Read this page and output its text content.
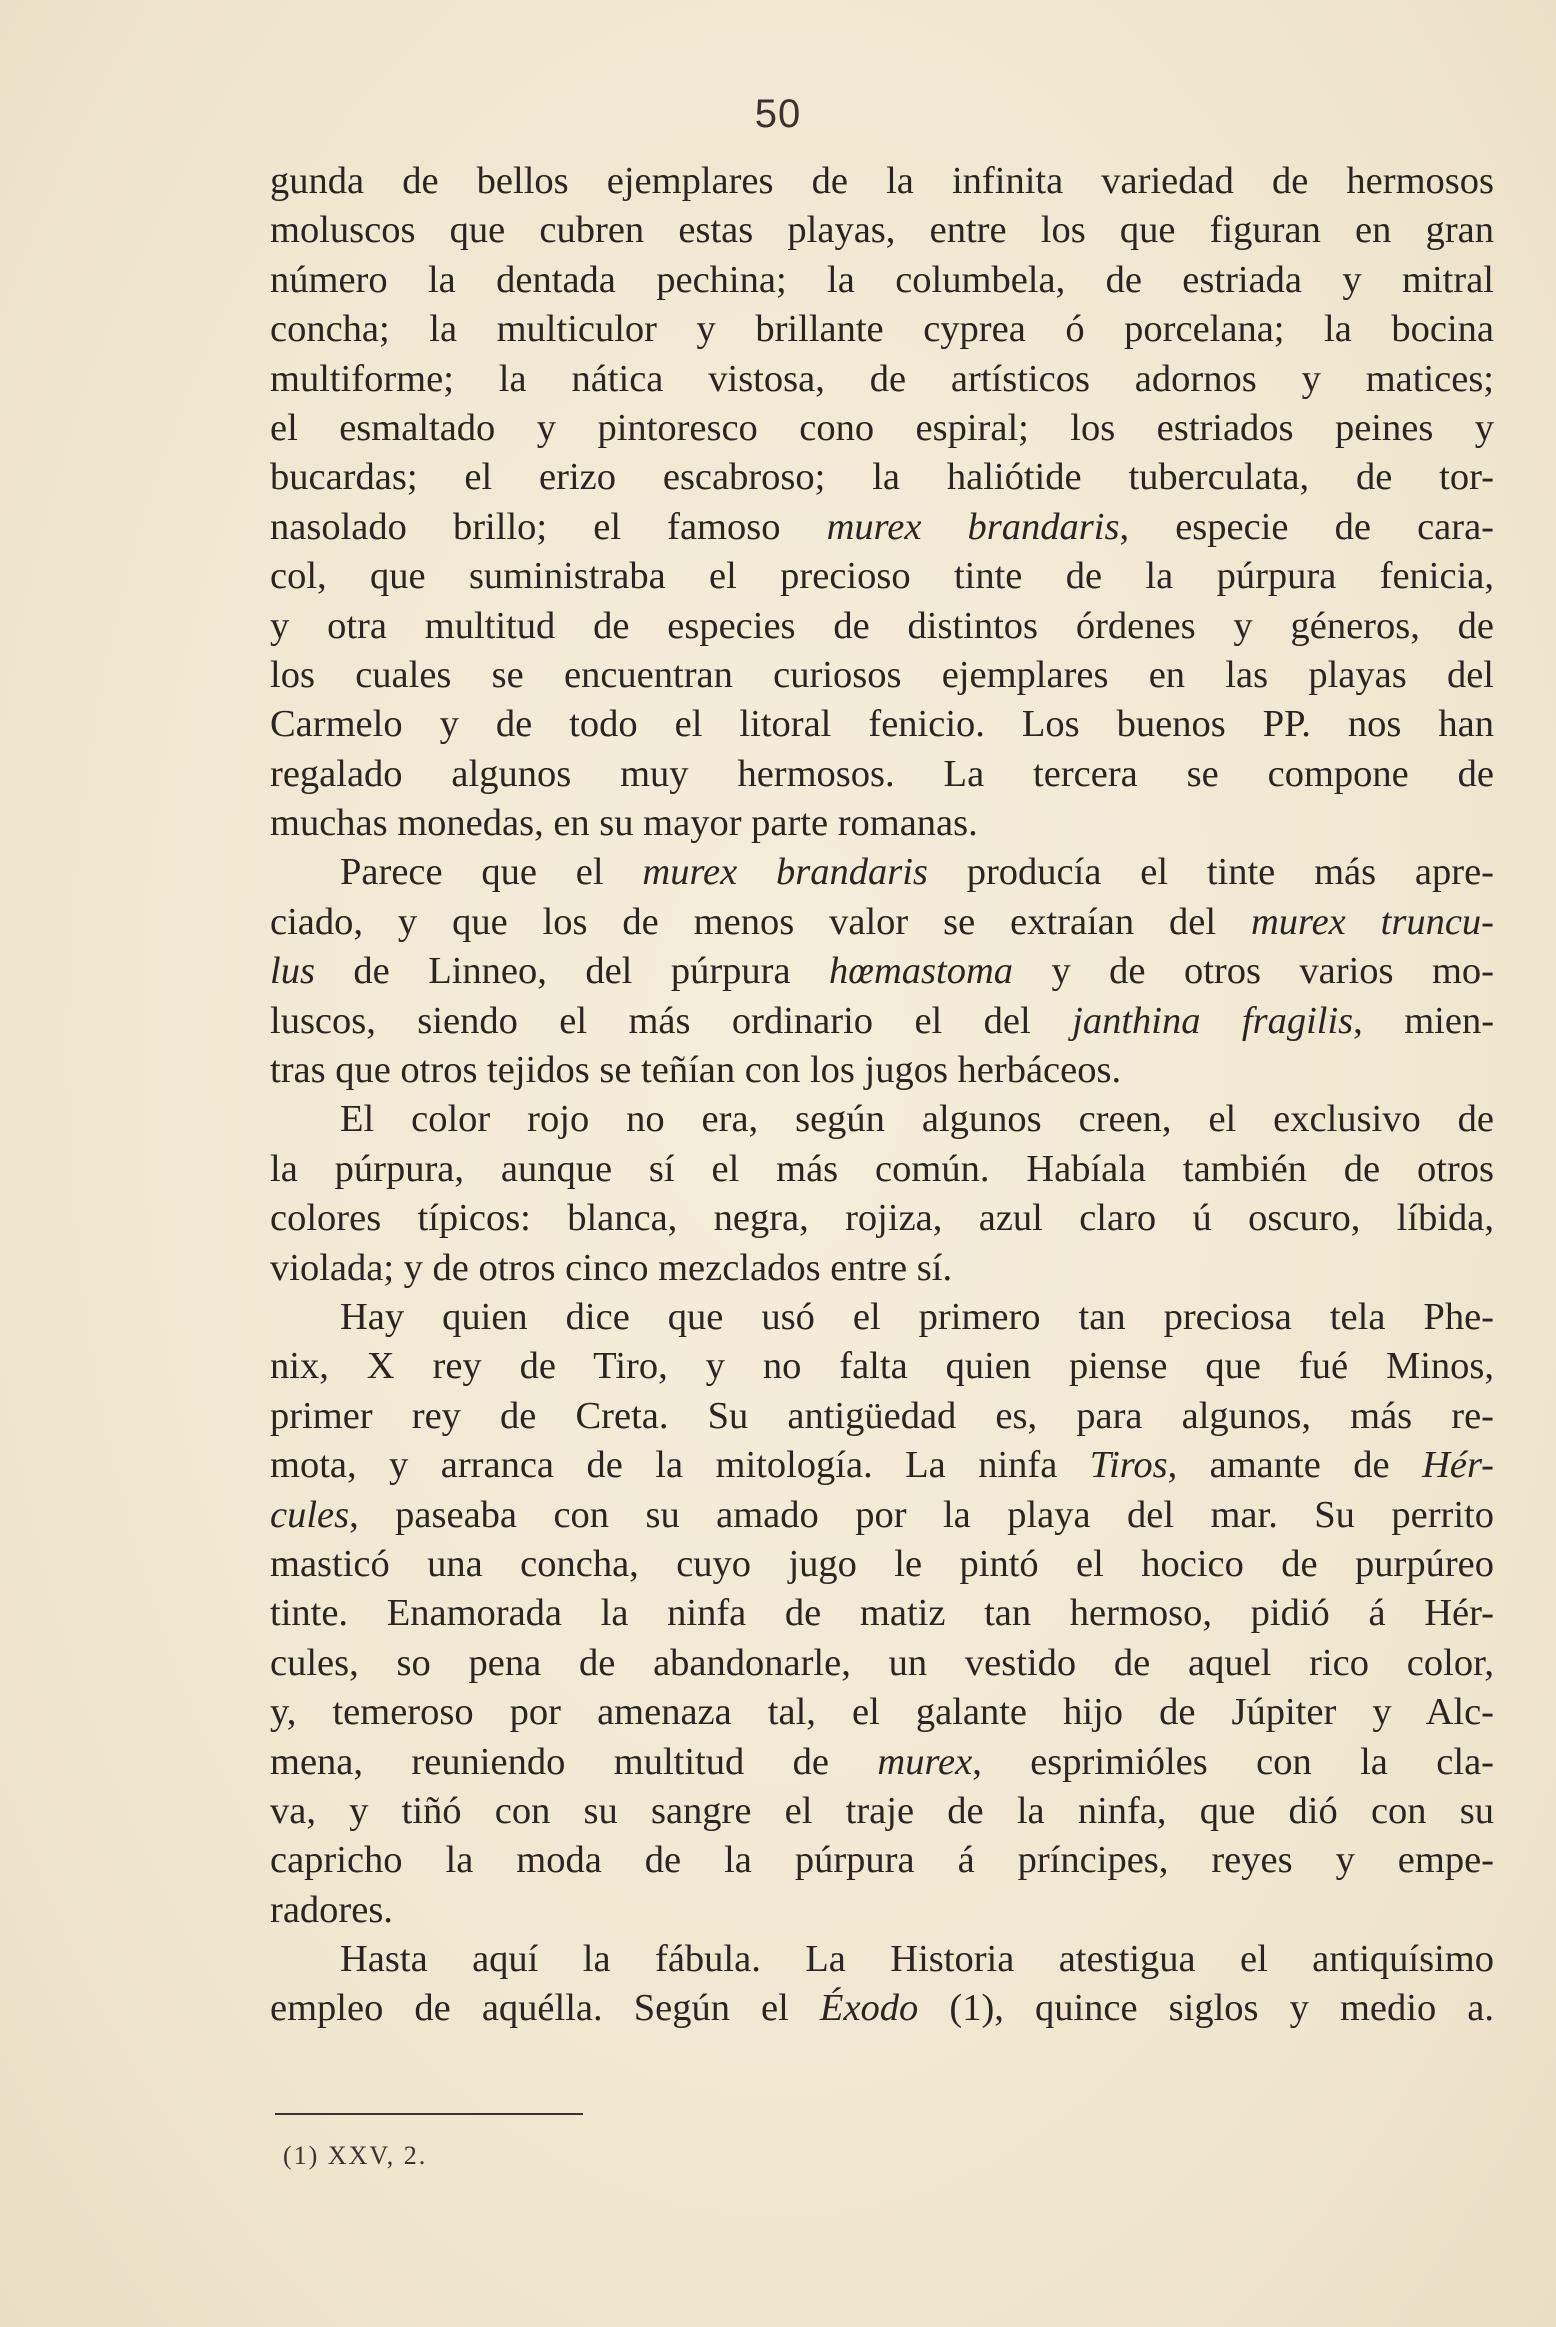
50
gunda de bellos ejemplares de la infinita variedad de hermosos
moluscos que cubren estas playas, entre los que figuran en gran
número la dentada pechina; la columbela, de estriada y mitral
concha; la multiculor y brillante cyprea ó porcelana; la bocina
multiforme; la nática vistosa, de artísticos adornos y matices;
el esmaltado y pintoresco cono espiral; los estriados peines y
bucardas; el erizo escabroso; la haliótide tuberculata, de tor-
nasolado brillo; el famoso murex brandaris, especie de cara-
col, que suministraba el precioso tinte de la púrpura fenicia,
y otra multitud de especies de distintos órdenes y géneros, de
los cuales se encuentran curiosos ejemplares en las playas del
Carmelo y de todo el litoral fenicio. Los buenos PP. nos han
regalado algunos muy hermosos. La tercera se compone de
muchas monedas, en su mayor parte romanas.
Parece que el murex brandaris producía el tinte más apre-
ciado, y que los de menos valor se extraían del murex truncu-
lus de Linneo, del púrpura hœmastoma y de otros varios mo-
luscos, siendo el más ordinario el del janthina fragilis, mien-
tras que otros tejidos se teñían con los jugos herbáceos.
El color rojo no era, según algunos creen, el exclusivo de
la púrpura, aunque sí el más común. Habíala también de otros
colores típicos: blanca, negra, rojiza, azul claro ú oscuro, líbida,
violada; y de otros cinco mezclados entre sí.
Hay quien dice que usó el primero tan preciosa tela Phe-
nix, X rey de Tiro, y no falta quien piense que fué Minos,
primer rey de Creta. Su antigüedad es, para algunos, más re-
mota, y arranca de la mitología. La ninfa Tiros, amante de Hér-
cules, paseaba con su amado por la playa del mar. Su perrito
masticó una concha, cuyo jugo le pintó el hocico de purpúreo
tinte. Enamorada la ninfa de matiz tan hermoso, pidió á Hér-
cules, so pena de abandonarle, un vestido de aquel rico color,
y, temeroso por amenaza tal, el galante hijo de Júpiter y Alc-
mena, reuniendo multitud de murex, esprimióles con la cla-
va, y tiñó con su sangre el traje de la ninfa, que dió con su
capricho la moda de la púrpura á príncipes, reyes y empe-
radores.
Hasta aquí la fábula. La Historia atestigua el antiquísimo
empleo de aquélla. Según el Éxodo (1), quince siglos y medio a.
(1) XXV, 2.
